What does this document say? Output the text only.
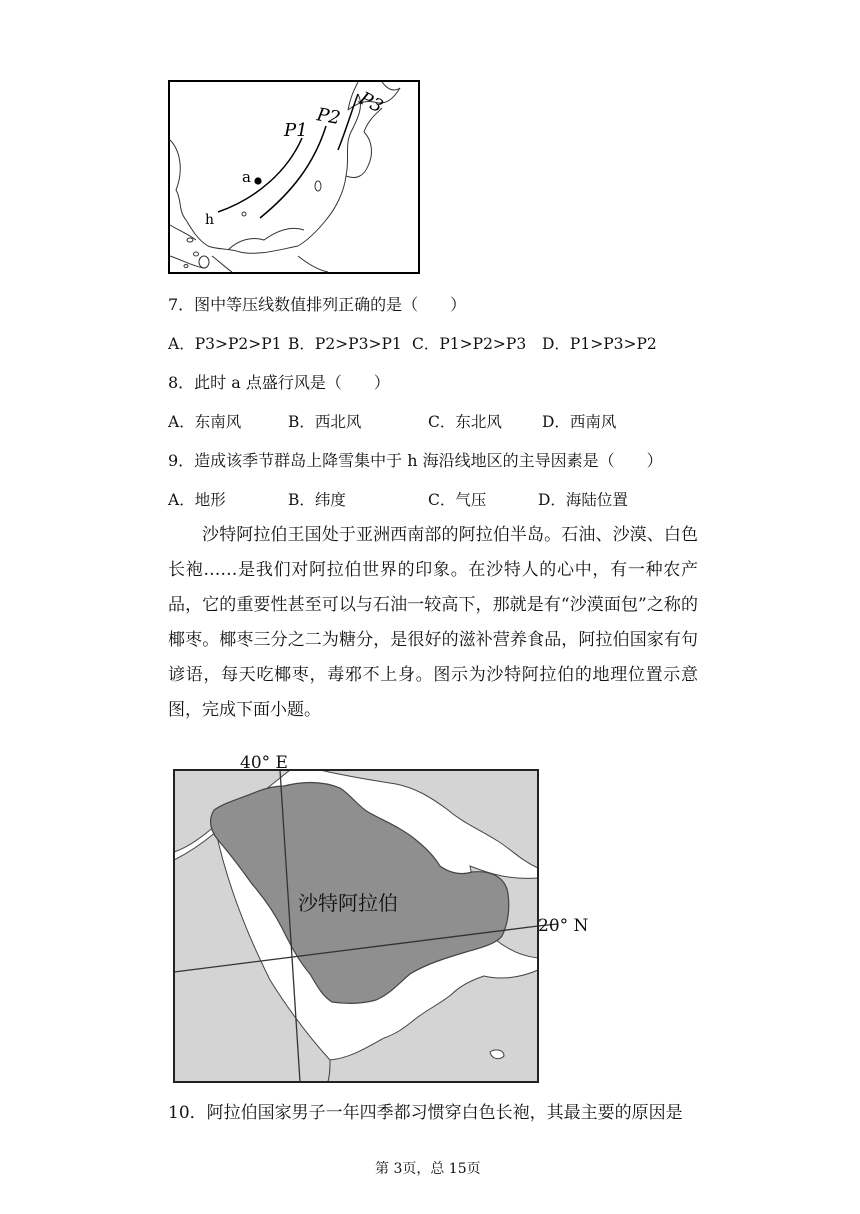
P3
P2
P1
a
h
7．图中等压线数值排列正确的是（　　）
A．P3>P2>P1 B．P2>P3>P1 C．P1>P2>P3 D．P1>P3>P2
8．此时 a 点盛行风是（　　）
A．东南风	B．西北风	C．东北风	D．西南风
9．造成该季节群岛上降雪集中于 h 海沿线地区的主导因素是（　　）
A．地形	B．纬度	C．气压	D．海陆位置

沙特阿拉伯王国处于亚洲西南部的阿拉伯半岛。石油、沙漠、白色长袍……是我们对阿拉伯世界的印象。在沙特人的心中，有一种农产品，它的重要性甚至可以与石油一较高下，那就是有“沙漠面包”之称的椰枣。椰枣三分之二为糖分，是很好的滋补营养食品，阿拉伯国家有句谚语，每天吃椰枣，毒邪不上身。图示为沙特阿拉伯的地理位置示意图，完成下面小题。

40° E
20° N
沙特阿拉伯
10．阿拉伯国家男子一年四季都习惯穿白色长袍，其最主要的原因是
第 3页，总 15页
